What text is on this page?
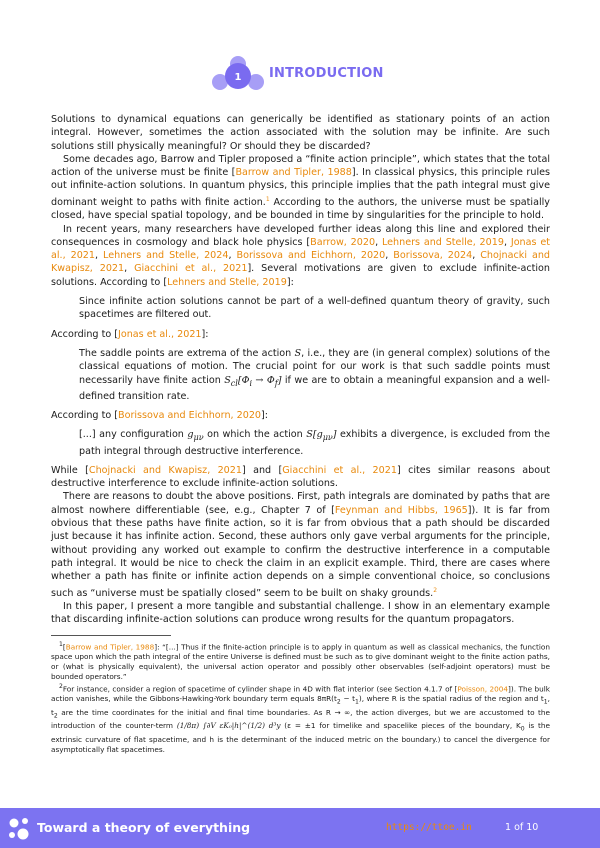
1 INTRODUCTION

Solutions to dynamical equations can generically be identified as stationary points of an action integral. However, sometimes the action associated with the solution may be infinite. Are such solutions still physically meaningful? Or should they be discarded?

Some decades ago, Barrow and Tipler proposed a “finite action principle”, which states that the total action of the universe must be finite [Barrow and Tipler, 1988]. In classical physics, this principle rules out infinite-action solutions. In quantum physics, this principle implies that the path integral must give dominant weight to paths with finite action.$^1$ According to the authors, the universe must be spatially closed, have special spatial topology, and be bounded in time by singularities for the principle to hold.

In recent years, many researchers have developed further ideas along this line and explored their consequences in cosmology and black hole physics [Barrow, 2020, Lehners and Stelle, 2019, Jonas et al., 2021, Lehners and Stelle, 2024, Borissova and Eichhorn, 2020, Borissova, 2024, Chojnacki and Kwapisz, 2021, Giacchini et al., 2021]. Several motivations are given to exclude infinite-action solutions. According to [Lehners and Stelle, 2019]:

Since infinite action solutions cannot be part of a well-defined quantum theory of gravity, such spacetimes are filtered out.

According to [Jonas et al., 2021]:

The saddle points are extrema of the action S, i.e., they are (in general complex) solutions of the classical equations of motion. The crucial point for our work is that such saddle points must necessarily have finite action $S_{cl}[\Phi_i \to \Phi_f]$ if we are to obtain a meaningful expansion and a well-defined transition rate.

According to [Borissova and Eichhorn, 2020]:

[...] any configuration $g_{\mu\nu}$ on which the action $S[g_{\mu\nu}]$ exhibits a divergence, is excluded from the path integral through destructive interference.

While [Chojnacki and Kwapisz, 2021] and [Giacchini et al., 2021] cites similar reasons about destructive interference to exclude infinite-action solutions.

There are reasons to doubt the above positions. First, path integrals are dominated by paths that are almost nowhere differentiable (see, e.g., Chapter 7 of [Feynman and Hibbs, 1965]). It is far from obvious that these paths have finite action, so it is far from obvious that a path should be discarded just because it has infinite action. Second, these authors only gave verbal arguments for the principle, without providing any worked out example to confirm the destructive interference in a computable path integral. It would be nice to check the claim in an explicit example. Third, there are cases where whether a path has finite or infinite action depends on a simple conventional choice, so conclusions such as “universe must be spatially closed” seem to be built on shaky grounds.$^2$

In this paper, I present a more tangible and substantial challenge. I show in an elementary example that discarding infinite-action solutions can produce wrong results for the quantum propagators.

$^1$[Barrow and Tipler, 1988]: “[...] Thus if the finite-action principle is to apply in quantum as well as classical mechanics, the function space upon which the path integral of the entire Universe is defined must be such as to give dominant weight to the finite action paths, or (what is physically equivalent), the universal action operator and possibly other observables (self-adjoint operators) must be bounded operators.”

$^2$For instance, consider a region of spacetime of cylinder shape in 4D with flat interior (see Section 4.1.7 of [Poisson, 2004]). The bulk action vanishes, while the Gibbons-Hawking-York boundary term equals $8\pi R(t_2 - t_1)$, where R is the spatial radius of the region and $t_1$, $t_2$ are the time coordinates for the initial and final time boundaries. As R → ∞, the action diverges, but we are accustomed to the introduction of the counter-term (1/8π) ∫∂V εK₀|h|^(1/2) d³y (ε = ±1 for timelike and spacelike pieces of the boundary, $K_0$ is the extrinsic curvature of flat spacetime, and h is the determinant of the induced metric on the boundary.) to cancel the divergence for asymptotically flat spacetimes.

Toward a theory of everything	https://ttoe.in	1 of 10
